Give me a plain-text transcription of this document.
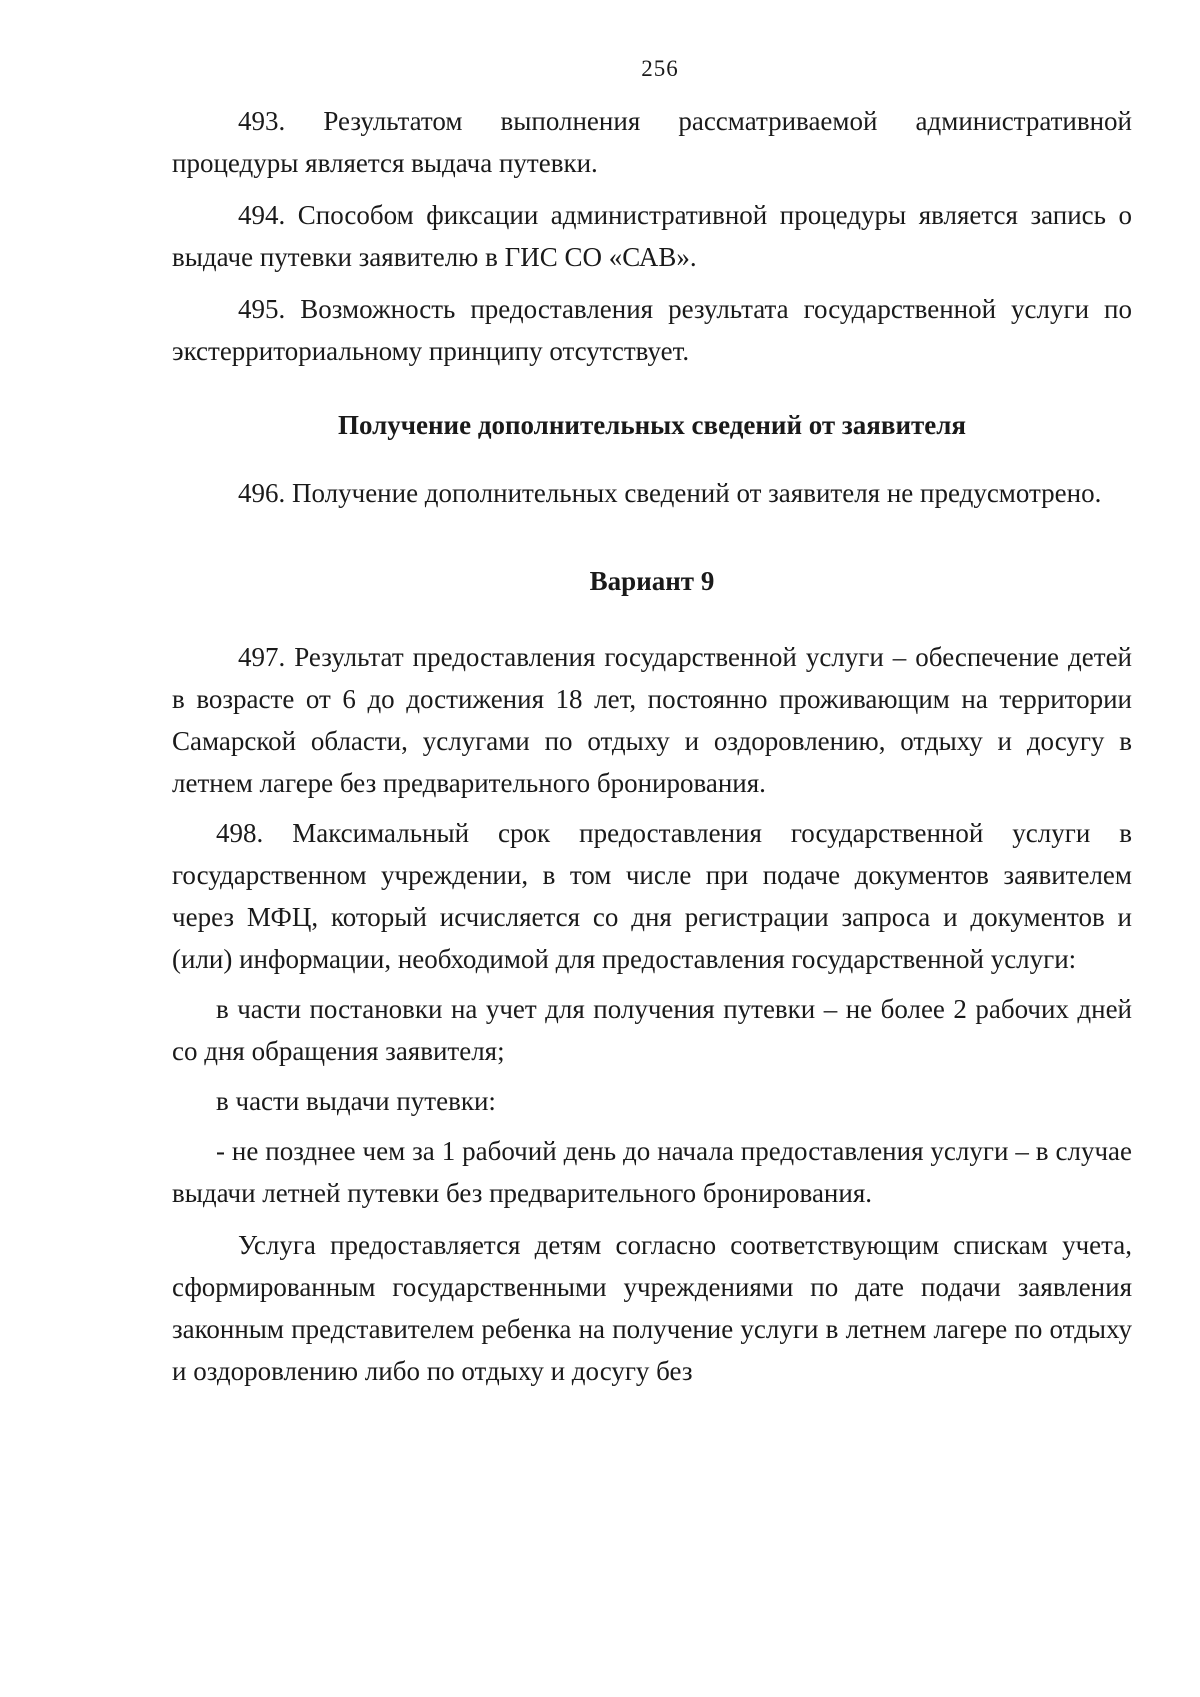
256

493. Результатом выполнения рассматриваемой административной процедуры является выдача путевки.

494. Способом фиксации административной процедуры является запись о выдаче путевки заявителю в ГИС СО «САВ».

495. Возможность предоставления результата государственной услуги по экстерриториальному принципу отсутствует.

Получение дополнительных сведений от заявителя

496. Получение дополнительных сведений от заявителя не предусмотрено.

Вариант 9

497. Результат предоставления государственной услуги – обеспечение детей в возрасте от 6 до достижения 18 лет, постоянно проживающим на территории Самарской области, услугами по отдыху и оздоровлению, отдыху и досугу в летнем лагере без предварительного бронирования.

498. Максимальный срок предоставления государственной услуги в государственном учреждении, в том числе при подаче документов заявителем через МФЦ, который исчисляется со дня регистрации запроса и документов и (или) информации, необходимой для предоставления государственной услуги:

в части постановки на учет для получения путевки – не более 2 рабочих дней со дня обращения заявителя;

в части выдачи путевки:

- не позднее чем за 1 рабочий день до начала предоставления услуги – в случае выдачи летней путевки без предварительного бронирования.

Услуга предоставляется детям согласно соответствующим спискам учета, сформированным государственными учреждениями по дате подачи заявления законным представителем ребенка на получение услуги в летнем лагере по отдыху и оздоровлению либо по отдыху и досугу без
